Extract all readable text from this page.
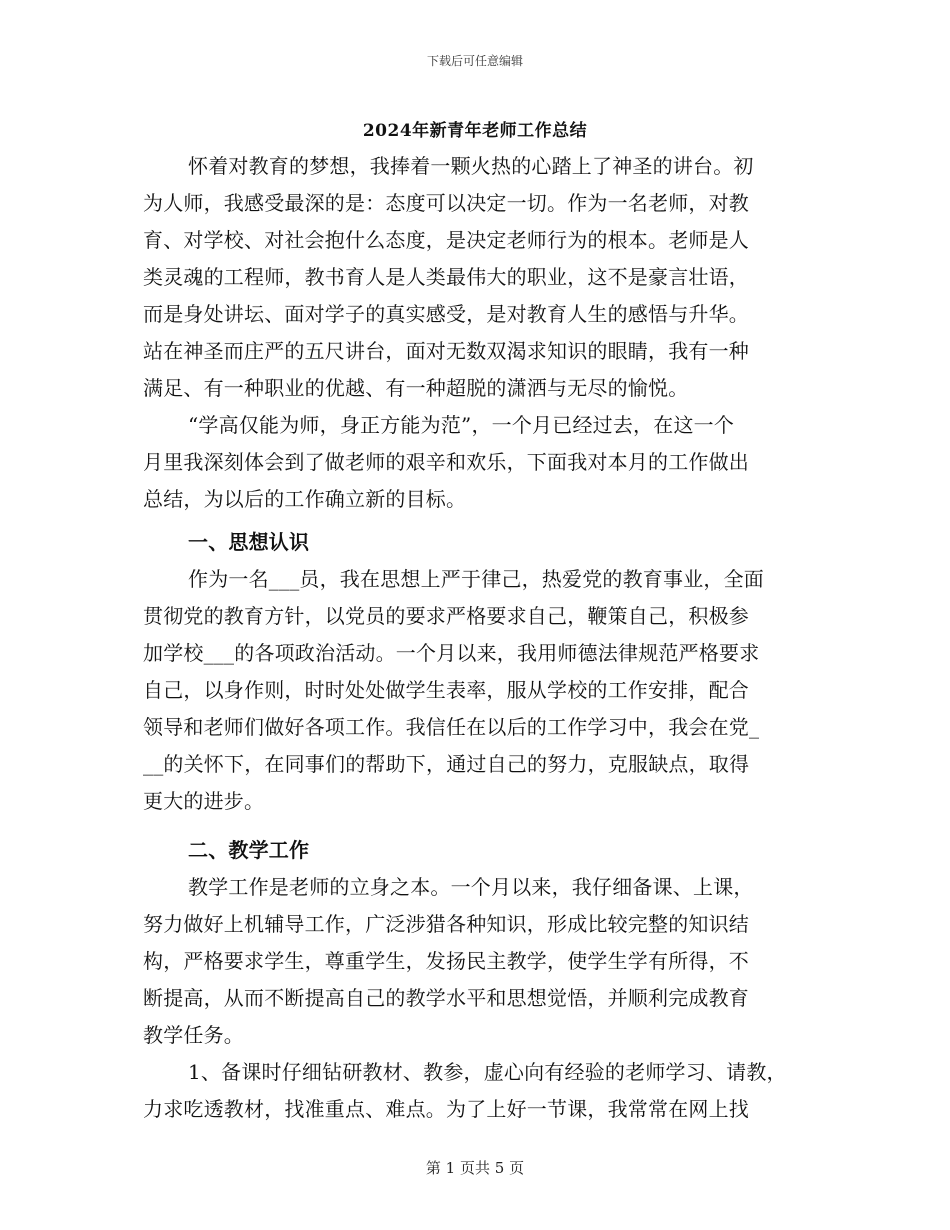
下载后可任意编辑
2024年新青年老师工作总结
怀着对教育的梦想，我捧着一颗火热的心踏上了神圣的讲台。初
为人师，我感受最深的是：态度可以决定一切。作为一名老师，对教
育、对学校、对社会抱什么态度，是决定老师行为的根本。老师是人
类灵魂的工程师，教书育人是人类最伟大的职业，这不是豪言壮语，
而是身处讲坛、面对学子的真实感受，是对教育人生的感悟与升华。
站在神圣而庄严的五尺讲台，面对无数双渴求知识的眼睛，我有一种
满足、有一种职业的优越、有一种超脱的潇洒与无尽的愉悦。
“学高仅能为师，身正方能为范”，一个月已经过去，在这一个
月里我深刻体会到了做老师的艰辛和欢乐，下面我对本月的工作做出
总结，为以后的工作确立新的目标。
一、思想认识
作为一名___员，我在思想上严于律己，热爱党的教育事业，全面
贯彻党的教育方针，以党员的要求严格要求自己，鞭策自己，积极参
加学校___的各项政治活动。一个月以来，我用师德法律规范严格要求
自己，以身作则，时时处处做学生表率，服从学校的工作安排，配合
领导和老师们做好各项工作。我信任在以后的工作学习中，我会在党_
__的关怀下，在同事们的帮助下，通过自己的努力，克服缺点，取得
更大的进步。
二、教学工作
教学工作是老师的立身之本。一个月以来，我仔细备课、上课，
努力做好上机辅导工作，广泛涉猎各种知识，形成比较完整的知识结
构，严格要求学生，尊重学生，发扬民主教学，使学生学有所得，不
断提高，从而不断提高自己的教学水平和思想觉悟，并顺利完成教育
教学任务。
1、备课时仔细钻研教材、教参，虚心向有经验的老师学习、请教，
力求吃透教材，找准重点、难点。为了上好一节课，我常常在网上找
第 1 页共 5 页
